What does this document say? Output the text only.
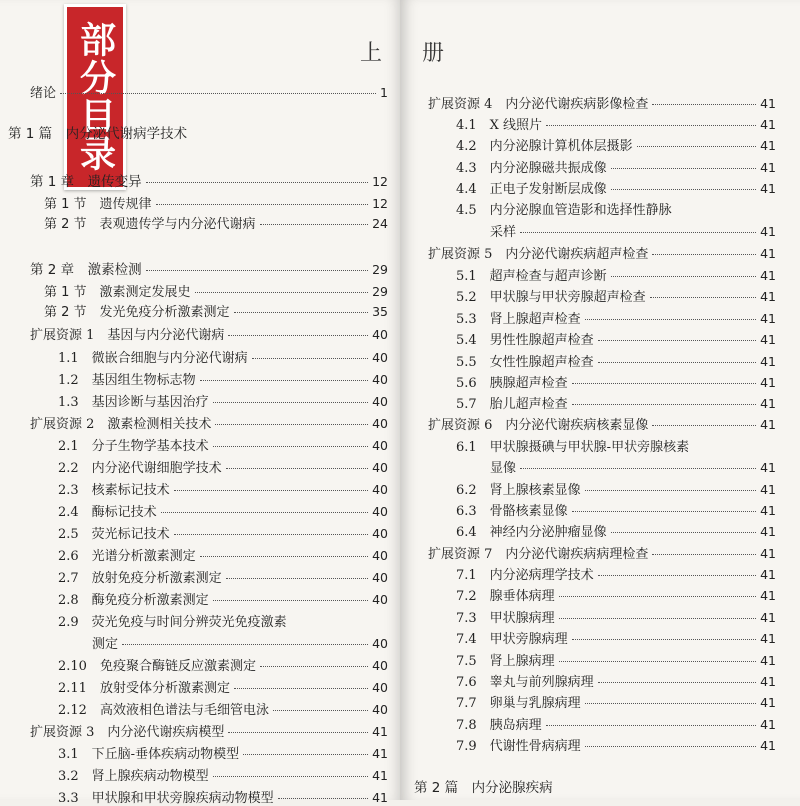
部分目录	上 册
绪论	1
第 1 篇　内分泌代谢病学技术
第 1 章　遗传变异	12
第 1 节　遗传规律	12
第 2 节　表观遗传学与内分泌代谢病	24
第 2 章　激素检测	29
第 1 节　激素测定发展史	29
第 2 节　发光免疫分析激素测定	35
扩展资源 1　基因与内分泌代谢病	40
1.1　微嵌合细胞与内分泌代谢病	40
1.2　基因组生物标志物	40
1.3　基因诊断与基因治疗	40
扩展资源 2　激素检测相关技术	40
2.1　分子生物学基本技术	40
2.2　内分泌代谢细胞学技术	40
2.3　核素标记技术	40
2.4　酶标记技术	40
2.5　荧光标记技术	40
2.6　光谱分析激素测定	40
2.7　放射免疫分析激素测定	40
2.8　酶免疫分析激素测定	40
2.9　荧光免疫与时间分辨荧光免疫激素
测定	40
2.10　免疫聚合酶链反应激素测定	40
2.11　放射受体分析激素测定	40
2.12　高效液相色谱法与毛细管电泳	40
扩展资源 3　内分泌代谢疾病模型	41
3.1　下丘脑-垂体疾病动物模型	41
3.2　肾上腺疾病动物模型	41
3.3　甲状腺和甲状旁腺疾病动物模型	41
扩展资源 4　内分泌代谢疾病影像检查	41
4.1　X 线照片	41
4.2　内分泌腺计算机体层摄影	41
4.3　内分泌腺磁共振成像	41
4.4　正电子发射断层成像	41
4.5　内分泌腺血管造影和选择性静脉
采样	41
扩展资源 5　内分泌代谢疾病超声检查	41
5.1　超声检查与超声诊断	41
5.2　甲状腺与甲状旁腺超声检查	41
5.3　肾上腺超声检查	41
5.4　男性性腺超声检查	41
5.5　女性性腺超声检查	41
5.6　胰腺超声检查	41
5.7　胎儿超声检查	41
扩展资源 6　内分泌代谢疾病核素显像	41
6.1　甲状腺摄碘与甲状腺-甲状旁腺核素
显像	41
6.2　肾上腺核素显像	41
6.3　骨骼核素显像	41
6.4　神经内分泌肿瘤显像	41
扩展资源 7　内分泌代谢疾病病理检查	41
7.1　内分泌病理学技术	41
7.2　腺垂体病理	41
7.3　甲状腺病理	41
7.4　甲状旁腺病理	41
7.5　肾上腺病理	41
7.6　睾丸与前列腺病理	41
7.7　卵巢与乳腺病理	41
7.8　胰岛病理	41
7.9　代谢性骨病病理	41
第 2 篇　内分泌腺疾病
